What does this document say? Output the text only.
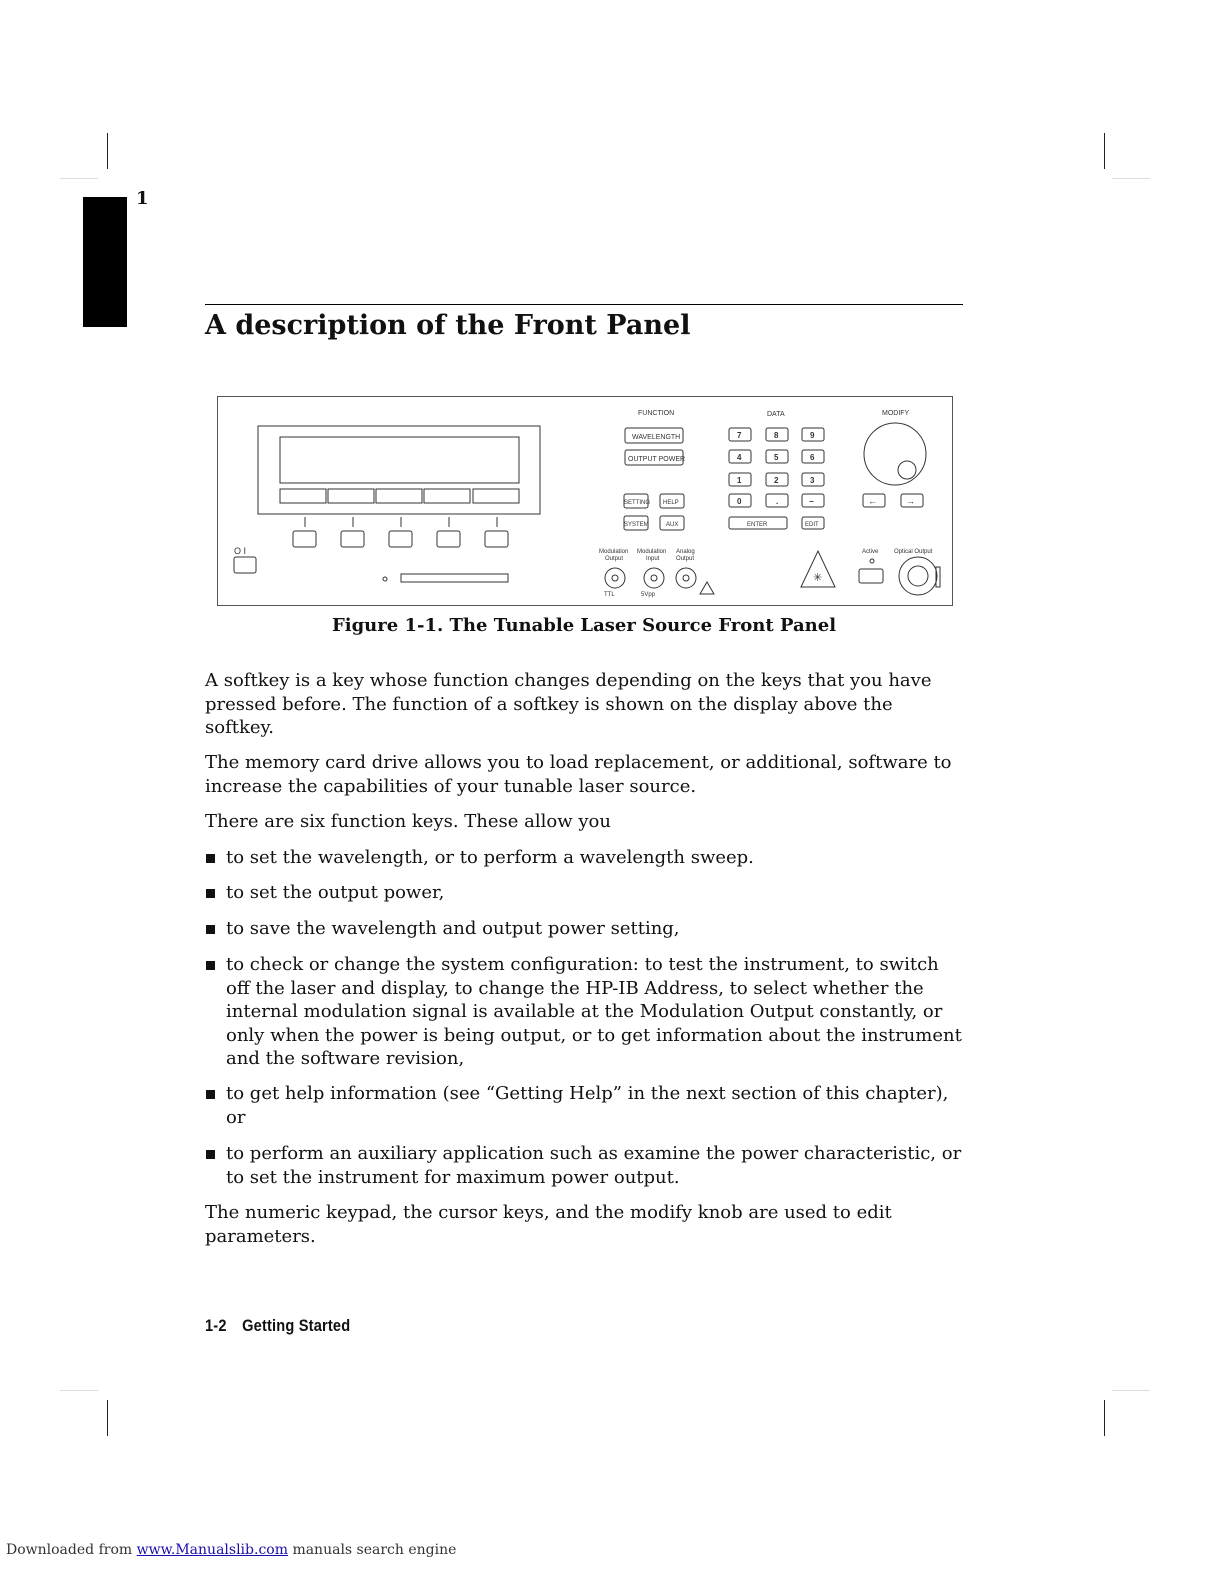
1
A description of the Front Panel
O I
FUNCTION
WAVELENGTH
OUTPUT POWER
SETTING HELP
SYSTEM	AUX
DATA
7	8	9
4	5	6
1	2	3
0	.	−
ENTER	EDIT
MODIFY
←	→
Modulation
Output
Modulation
Input
Analog
Output
TTL	5Vpp
✳
Active	Optical Output
Figure 1-1. The Tunable Laser Source Front Panel

A softkey is a key whose function changes depending on the keys that you have pressed before. The function of a softkey is shown on the display above the softkey.

The memory card drive allows you to load replacement, or additional, software to increase the capabilities of your tunable laser source.

There are six function keys. These allow you

to set the wavelength, or to perform a wavelength sweep.
to set the output power,
to save the wavelength and output power setting,
to check or change the system configuration: to test the instrument, to switch off the laser and display, to change the HP-IB Address, to select whether the internal modulation signal is available at the Modulation Output constantly, or only when the power is being output, or to get information about the instrument and the software revision,
to get help information (see “Getting Help” in the next section of this chapter), or
to perform an auxiliary application such as examine the power characteristic, or to set the instrument for maximum power output.

The numeric keypad, the cursor keys, and the modify knob are used to edit parameters.

1-2 Getting Started
Downloaded from www.Manualslib.com manuals search engine
